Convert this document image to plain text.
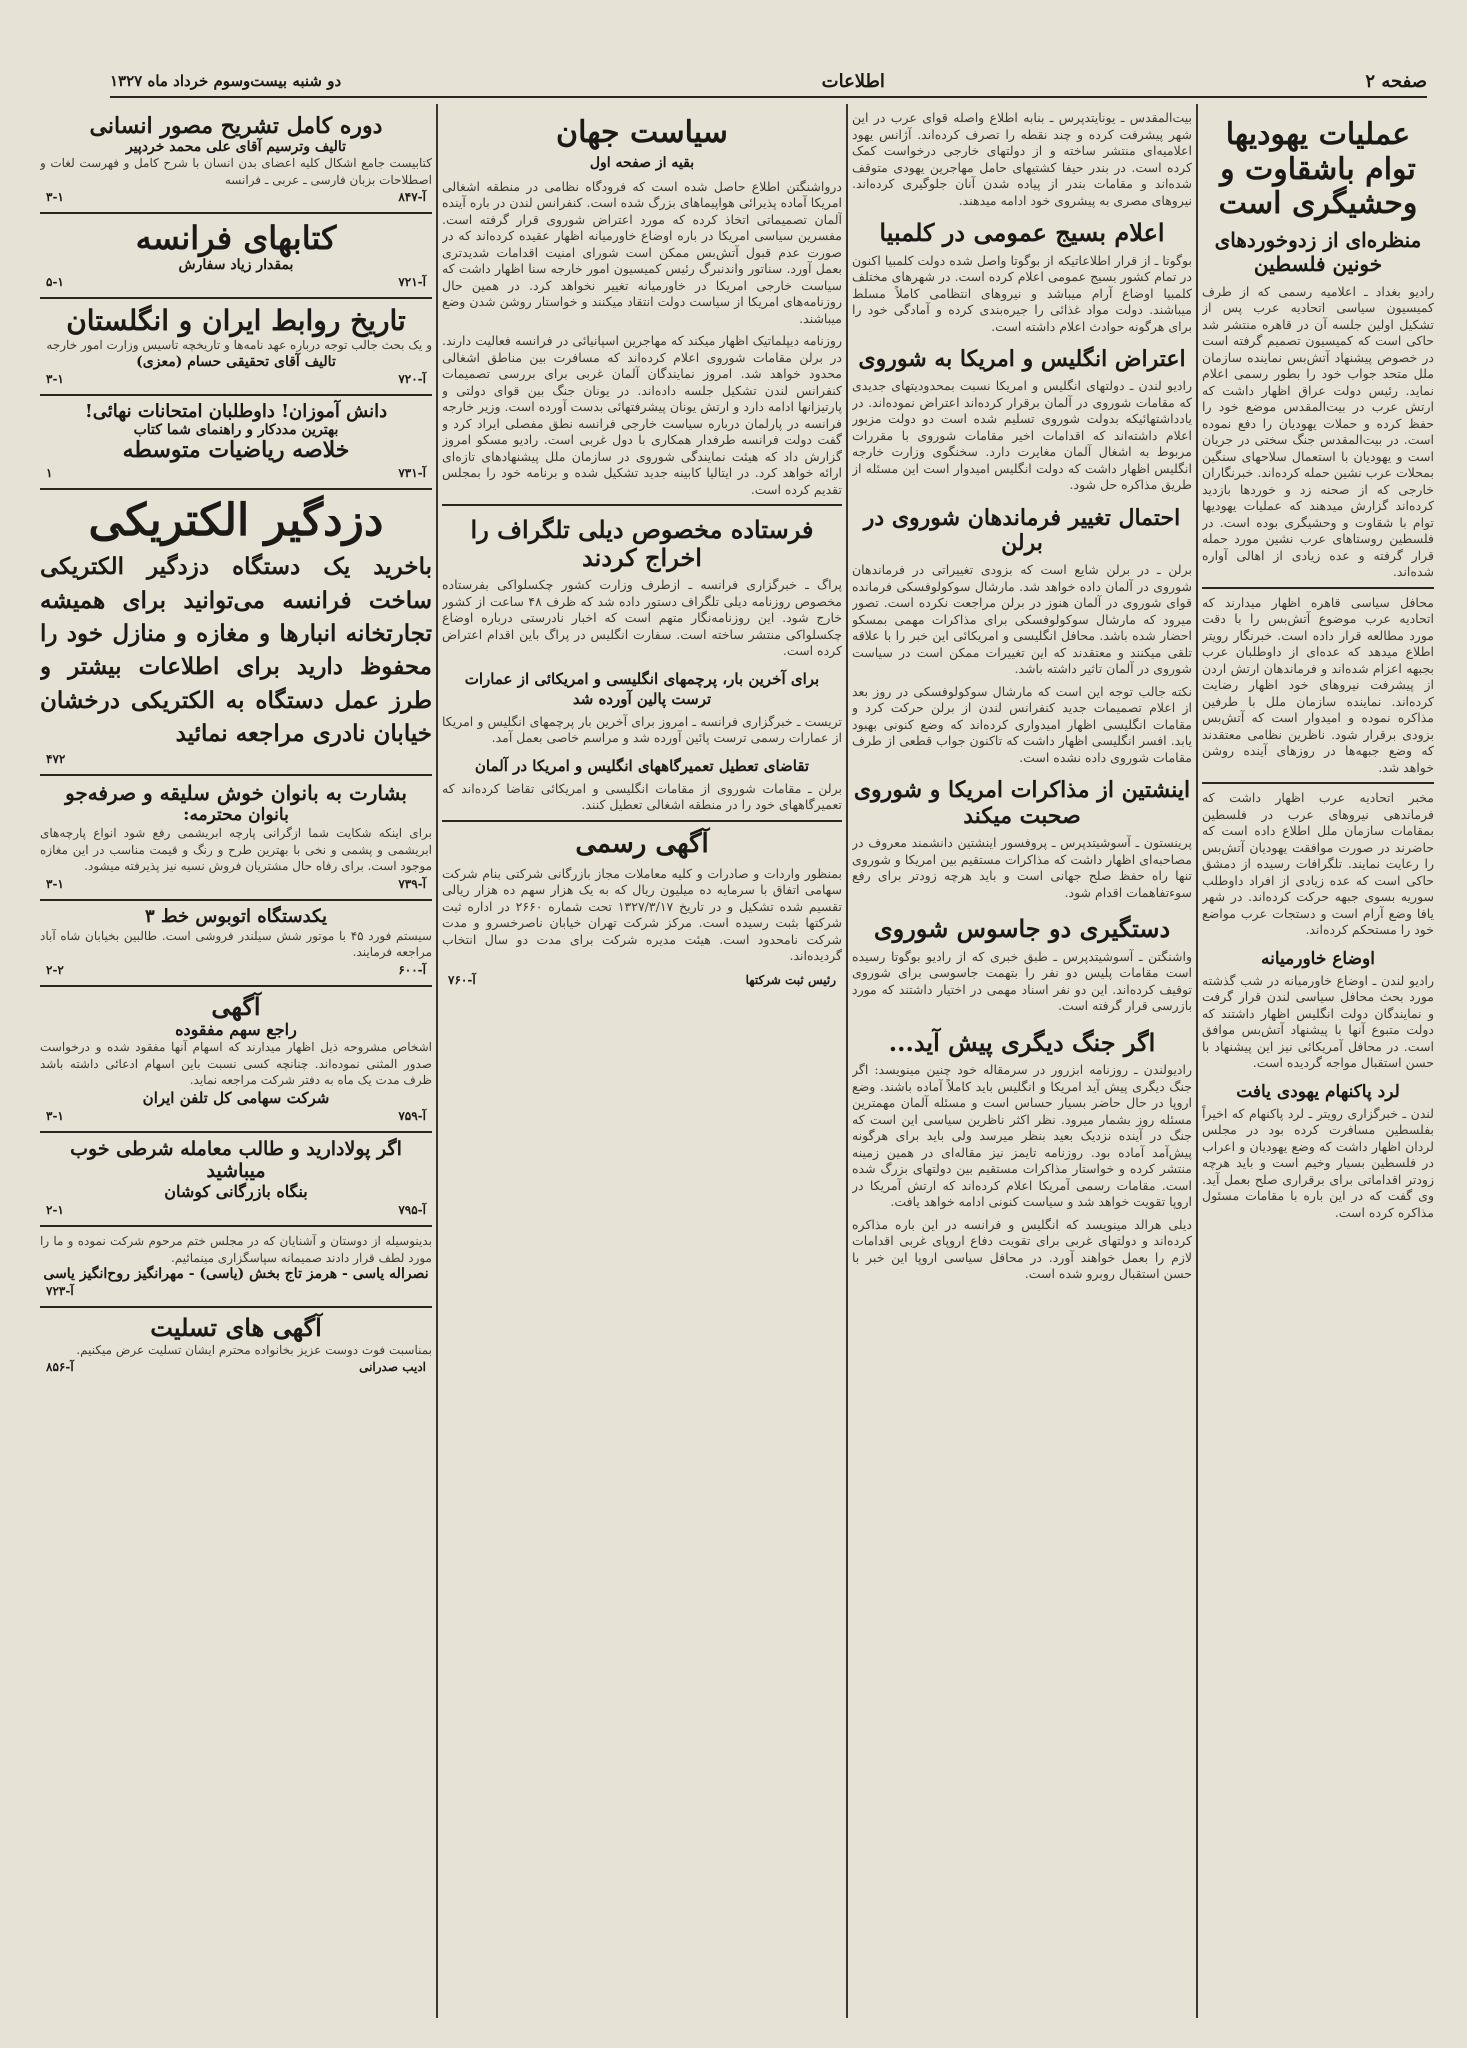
صفحه ۲
اطلاعات
دو شنبه بیست‌و‌سوم خرداد ماه ۱۳۲۷
عملیات یهودیها توام باشقاوت و وحشیگری است
منظره‌ای از زدوخوردهای خونین فلسطین
رادیو بغداد ـ اعلامیه رسمی که از طرف کمیسیون سیاسی اتحادیه عرب پس از تشکیل اولین جلسه آن در قاهره منتشر شد حاکی است که کمیسیون تصمیم گرفته است در خصوص پیشنهاد آتش‌بس نماینده سازمان ملل متحد جواب خود را بطور رسمی اعلام نماید. رئیس دولت عراق اظهار داشت که ارتش عرب در بیت‌المقدس موضع خود را حفظ کرده و حملات یهودیان را دفع نموده است. در بیت‌المقدس جنگ سختی در جریان است و یهودیان با استعمال سلاحهای سنگین بمحلات عرب نشین حمله کرده‌اند. خبرنگاران خارجی که از صحنه زد و خوردها بازدید کرده‌اند گزارش میدهند که عملیات یهودیها توام با شقاوت و وحشیگری بوده است. در فلسطین روستاهای عرب نشین مورد حمله قرار گرفته و عده زیادی از اهالی آواره شده‌اند.
محافل سیاسی قاهره اظهار میدارند که اتحادیه عرب موضوع آتش‌بس را با دقت مورد مطالعه قرار داده است. خبرنگار رویتر اطلاع میدهد که عده‌ای از داوطلبان عرب بجبهه اعزام شده‌اند و فرماندهان ارتش اردن از پیشرفت نیروهای خود اظهار رضایت کرده‌اند. نماینده سازمان ملل با طرفین مذاکره نموده و امیدوار است که آتش‌بس بزودی برقرار شود. ناظرین نظامی معتقدند که وضع جبهه‌ها در روزهای آینده روشن خواهد شد.
مخبر اتحادیه عرب اظهار داشت که فرماندهی نیروهای عرب در فلسطین بمقامات سازمان ملل اطلاع داده است که حاضرند در صورت موافقت یهودیان آتش‌بس را رعایت نمایند. تلگرافات رسیده از دمشق حاکی است که عده زیادی از افراد داوطلب سوریه بسوی جبهه حرکت کرده‌اند. در شهر یافا وضع آرام است و دستجات عرب مواضع خود را مستحکم کرده‌اند.
اوضاع خاورمیانه
رادیو لندن ـ اوضاع خاورمیانه در شب گذشته مورد بحث محافل سیاسی لندن قرار گرفت و نمایندگان دولت انگلیس اظهار داشتند که دولت متبوع آنها با پیشنهاد آتش‌بس موافق است. در محافل آمریکائی نیز این پیشنهاد با حسن استقبال مواجه گردیده است.
لرد پاکنهام یهودی یافت
لندن ـ خبرگزاری رویتر ـ لرد پاکنهام که اخیراً بفلسطین مسافرت کرده بود در مجلس لردان اظهار داشت که وضع یهودیان و اعراب در فلسطین بسیار وخیم است و باید هرچه زودتر اقداماتی برای برقراری صلح بعمل آید. وی گفت که در این باره با مقامات مسئول مذاکره کرده است.
بیت‌المقدس ـ یونایتدپرس ـ بنابه اطلاع واصله قوای عرب در این شهر پیشرفت کرده و چند نقطه را تصرف کرده‌اند. آژانس یهود اعلامیه‌ای منتشر ساخته و از دولتهای خارجی درخواست کمک کرده است. در بندر حیفا کشتیهای حامل مهاجرین یهودی متوقف شده‌اند و مقامات بندر از پیاده شدن آنان جلوگیری کرده‌اند. نیروهای مصری به پیشروی خود ادامه میدهند.
اعلام بسیج عمومی در کلمبیا
بوگوتا ـ از قرار اطلاعاتیکه از بوگوتا واصل شده دولت کلمبیا اکنون در تمام کشور بسیج عمومی اعلام کرده است. در شهرهای مختلف کلمبیا اوضاع آرام میباشد و نیروهای انتظامی کاملاً مسلط میباشند. دولت مواد غذائی را جیره‌بندی کرده و آمادگی خود را برای هرگونه حوادث اعلام داشته است.
اعتراض انگلیس و امریکا به شوروی
رادیو لندن ـ دولتهای انگلیس و امریکا نسبت بمحدودیتهای جدیدی که مقامات شوروی در آلمان برقرار کرده‌اند اعتراض نموده‌اند. در یادداشتهائیکه بدولت شوروی تسلیم شده است دو دولت مزبور اعلام داشته‌اند که اقدامات اخیر مقامات شوروی با مقررات مربوط به اشغال آلمان مغایرت دارد. سخنگوی وزارت خارجه انگلیس اظهار داشت که دولت انگلیس امیدوار است این مسئله از طریق مذاکره حل شود.
احتمال تغییر فرماندهان شوروی در برلن
برلن ـ در برلن شایع است که بزودی تغییراتی در فرماندهان شوروی در آلمان داده خواهد شد. مارشال سوکولوفسکی فرمانده قوای شوروی در آلمان هنوز در برلن مراجعت نکرده است. تصور میرود که مارشال سوکولوفسکی برای مذاکرات مهمی بمسکو احضار شده باشد. محافل انگلیسی و امریکائی این خبر را با علاقه تلقی میکنند و معتقدند که این تغییرات ممکن است در سیاست شوروی در آلمان تاثیر داشته باشد.
نکته جالب توجه این است که مارشال سوکولوفسکی در روز بعد از اعلام تصمیمات جدید کنفرانس لندن از برلن حرکت کرد و مقامات انگلیسی اظهار امیدواری کرده‌اند که وضع کنونی بهبود یابد. افسر انگلیسی اظهار داشت که تاکنون جواب قطعی از طرف مقامات شوروی داده نشده است.
اینشتین از مذاکرات امریکا و شوروی صحبت میکند
پرینستون ـ آسوشیتدپرس ـ پروفسور اینشتین دانشمند معروف در مصاحبه‌ای اظهار داشت که مذاکرات مستقیم بین امریکا و شوروی تنها راه حفظ صلح جهانی است و باید هرچه زودتر برای رفع سوءتفاهمات اقدام شود.
دستگیری دو جاسوس شوروی
واشنگتن ـ آسوشیتدپرس ـ طبق خبری که از رادیو بوگوتا رسیده است مقامات پلیس دو نفر را بتهمت جاسوسی برای شوروی توقیف کرده‌اند. این دو نفر اسناد مهمی در اختیار داشتند که مورد بازرسی قرار گرفته است.
اگر جنگ دیگری پیش آید...
رادیولندن ـ روزنامه ابزرور در سرمقاله خود چنین مینویسد: اگر جنگ دیگری پیش آید امریکا و انگلیس باید کاملاً آماده باشند. وضع اروپا در حال حاضر بسیار حساس است و مسئله آلمان مهمترین مسئله روز بشمار میرود. نظر اکثر ناظرین سیاسی این است که جنگ در آینده نزدیک بعید بنظر میرسد ولی باید برای هرگونه پیش‌آمد آماده بود. روزنامه تایمز نیز مقاله‌ای در همین زمینه منتشر کرده و خواستار مذاکرات مستقیم بین دولتهای بزرگ شده است. مقامات رسمی آمریکا اعلام کرده‌اند که ارتش آمریکا در اروپا تقویت خواهد شد و سیاست کنونی ادامه خواهد یافت.
دیلی هرالد مینویسد که انگلیس و فرانسه در این باره مذاکره کرده‌اند و دولتهای غربی برای تقویت دفاع اروپای غربی اقدامات لازم را بعمل خواهند آورد. در محافل سیاسی اروپا این خبر با حسن استقبال روبرو شده است.
سیاست جهان
بقیه از صفحه اول
درواشنگتن اطلاع حاصل شده است که فرودگاه نظامی در منطقه اشغالی امریکا آماده پذیرائی هواپیماهای بزرگ شده است. کنفرانس لندن در باره آینده آلمان تصمیماتی اتخاذ کرده که مورد اعتراض شوروی قرار گرفته است. مفسرین سیاسی امریکا در باره اوضاع خاورمیانه اظهار عقیده کرده‌اند که در صورت عدم قبول آتش‌بس ممکن است شورای امنیت اقدامات شدیدتری بعمل آورد. سناتور واندنبرگ رئیس کمیسیون امور خارجه سنا اظهار داشت که سیاست خارجی امریکا در خاورمیانه تغییر نخواهد کرد. در همین حال روزنامه‌های امریکا از سیاست دولت انتقاد میکنند و خواستار روشن شدن وضع میباشند.
روزنامه دیپلماتیک اظهار میکند که مهاجرین اسپانیائی در فرانسه فعالیت دارند. در برلن مقامات شوروی اعلام کرده‌اند که مسافرت بین مناطق اشغالی محدود خواهد شد. امروز نمایندگان آلمان غربی برای بررسی تصمیمات کنفرانس لندن تشکیل جلسه داده‌اند. در یونان جنگ بین قوای دولتی و پارتیزانها ادامه دارد و ارتش یونان پیشرفتهائی بدست آورده است. وزیر خارجه فرانسه در پارلمان درباره سیاست خارجی فرانسه نطق مفصلی ایراد کرد و گفت دولت فرانسه طرفدار همکاری با دول غربی است. رادیو مسکو امروز گزارش داد که هیئت نمایندگی شوروی در سازمان ملل پیشنهادهای تازه‌ای ارائه خواهد کرد. در ایتالیا کابینه جدید تشکیل شده و برنامه خود را بمجلس تقدیم کرده است.
فرستاده مخصوص دیلی تلگراف را اخراج کردند
پراگ ـ خبرگزاری فرانسه ـ ازطرف وزارت کشور چکسلواکی بفرستاده مخصوص روزنامه دیلی تلگراف دستور داده شد که ظرف ۴۸ ساعت از کشور خارج شود. این روزنامه‌نگار متهم است که اخبار نادرستی درباره اوضاع چکسلواکی منتشر ساخته است. سفارت انگلیس در پراگ باین اقدام اعتراض کرده است.
برای آخرین بار، پرچمهای انگلیسی و امریکائی از عمارات
ترست پالین آورده شد
تریست ـ خبرگزاری فرانسه ـ امروز برای آخرین بار پرچمهای انگلیس و امریکا از عمارات رسمی ترست پائین آورده شد و مراسم خاصی بعمل آمد.
تقاضای تعطیل تعمیرگاههای انگلیس و امریکا در آلمان
برلن ـ مقامات شوروی از مقامات انگلیسی و امریکائی تقاضا کرده‌اند که تعمیرگاههای خود را در منطقه اشغالی تعطیل کنند.
آگهی رسمی
بمنظور واردات و صادرات و کلیه معاملات مجاز بازرگانی شرکتی بنام شرکت سهامی اتفاق با سرمایه ده میلیون ریال که به یک هزار سهم ده هزار ریالی تقسیم شده تشکیل و در تاریخ ۱۳۲۷/۳/۱۷ تحت شماره ۲۶۶۰ در اداره ثبت شرکتها بثبت رسیده است. مرکز شرکت تهران خیابان ناصرخسرو و مدت شرکت نامحدود است. هیئت مدیره شرکت برای مدت دو سال انتخاب گردیده‌اند.
آ-۷۶۰	رئیس ثبت شرکتها
دوره کامل تشریح مصور انسانی
تالیف وترسیم آقای علی محمد خردپیر
کتابیست جامع اشکال کلیه اعضای بدن انسان با شرح کامل و فهرست لغات و اصطلاحات بزبان فارسی ـ عربی ـ فرانسه
۳-۱	آ-۸۴۷
کتابهای فرانسه
بمقدار زیاد سفارش
۵-۱	آ-۷۲۱
تاریخ روابط ایران و انگلستان
و یک بحث جالب توجه درباره عهد نامه‌ها و تاریخچه تاسیس وزارت امور خارجه
تالیف آقای تحقیقی حسام (معزی)
۳-۱	آ-۷۲۰
دانش آموزان! داوطلبان امتحانات نهائی!
بهترین مددکار و راهنمای شما کتاب
خلاصه ریاضیات متوسطه
۱	آ-۷۳۱
دزدگیر الکتریکی
باخرید یک دستگاه دزدگیر الکتریکی ساخت فرانسه می‌توانید برای همیشه تجارتخانه انبارها و مغازه و منازل خود را محفوظ دارید برای اطلاعات بیشتر و طرز عمل دستگاه به الکتریکی درخشان خیابان نادری مراجعه نمائید
۴۷۲
بشارت به بانوان خوش سلیقه و صرفه‌جو
بانوان محترمه:
برای اینکه شکایت شما ازگرانی پارچه ابریشمی رفع شود انواع پارچه‌های ابریشمی و پشمی و نخی با بهترین طرح و رنگ و قیمت مناسب در این مغازه موجود است. برای رفاه حال مشتریان فروش نسیه نیز پذیرفته میشود.
۳-۱	آ-۷۳۹
یکدستگاه اتوبوس خط ۳
سیستم فورد ۴۵ با موتور شش سیلندر فروشی است. طالبین بخیابان شاه آباد مراجعه فرمایند.
۲-۲	آ-۶۰۰
آگهی
راجع سهم مفقوده
اشخاص مشروحه ذیل اظهار میدارند که اسهام آنها مفقود شده و درخواست صدور المثنی نموده‌اند. چنانچه کسی نسبت باین اسهام ادعائی داشته باشد ظرف مدت یک ماه به دفتر شرکت مراجعه نماید.
شرکت سهامی کل تلفن ایران
۳-۱	آ-۷۵۹
اگر پولادارید و طالب معامله شرطی خوب میباشید
بنگاه بازرگانی کوشان
۲-۱	آ-۷۹۵
بدینوسیله از دوستان و آشنایان که در مجلس ختم مرحوم شرکت نموده و ما را مورد لطف قرار دادند صمیمانه سپاسگزاری مینمائیم.
نصراله یاسی - هرمز تاج بخش (یاسی) - مهرانگیز روح‌انگیز یاسی
آ-۷۲۳
آگهی های تسلیت
بمناسبت فوت دوست عزیز بخانواده محترم ایشان تسلیت عرض میکنیم.
آ-۸۵۶	ادیب صدرانی
